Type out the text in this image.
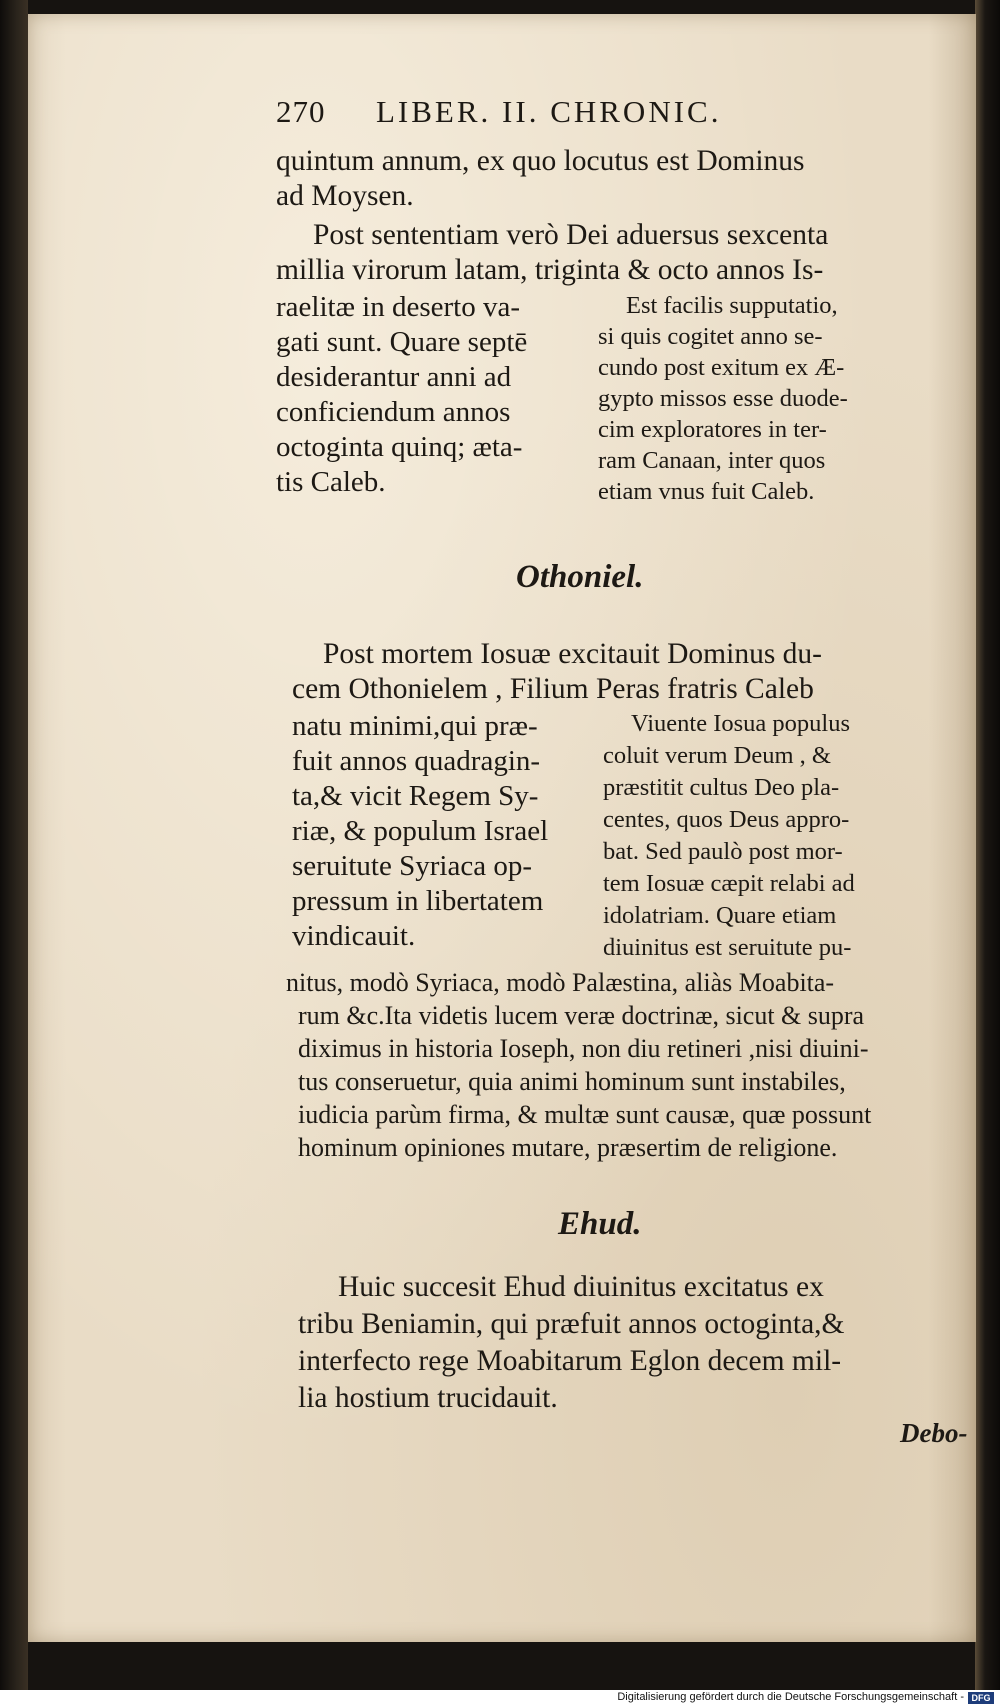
270 LIBER. II. CHRONIC.
quintum annum, ex quo locutus est Dominus
ad Moysen.
Post sententiam verò Dei aduersus sexcenta
millia virorum latam, triginta & octo annos Is-
raelitæ in deserto va-
gati sunt. Quare septē
desiderantur anni ad
conficiendum annos
octoginta quinq; ætа-
tis Caleb.
Est facilis supputatio,
si quis cogitet anno se-
cundo post exitum ex Æ-
gypto missos esse duode-
cim exploratores in ter-
ram Canaan, inter quos
etiam vnus fuit Caleb.
Othoniel.
Post mortem Iosuæ excitauit Dominus du-
cem Othonielem , Filium Peras fratris Caleb
natu minimi,qui præ-
fuit annos quadragin-
ta,& vicit Regem Sy-
riæ, & populum Israel
seruitute Syriaca op-
pressum in libertatem
vindicauit.
Viuente Iosua populus
coluit verum Deum , &
præstitit cultus Deo pla-
centes, quos Deus appro-
bat. Sed paulò post mor-
tem Iosuæ cæpit relabi ad
idolatriam. Quare etiam
diuinitus est seruitute pu-
nitus, modò Syriaca, modò Palæstina, aliàs Moabita-
rum &c.Ita videtis lucem veræ doctrinæ, sicut & supra
diximus in historia Ioseph, non diu retineri ,nisi diuini-
tus conseruetur, quia animi hominum sunt instabiles,
iudicia parùm firma, & multæ sunt causæ, quæ possunt
hominum opiniones mutare, præsertim de religione.
Ehud.
Huic succesit Ehud diuinitus excitatus ex
tribu Beniamin, qui præfuit annos octoginta,&
interfecto rege Moabitarum Eglon decem mil-
lia hostium trucidauit.
Debo-
Digitalisierung gefördert durch die Deutsche Forschungsgemeinschaft - DFG
